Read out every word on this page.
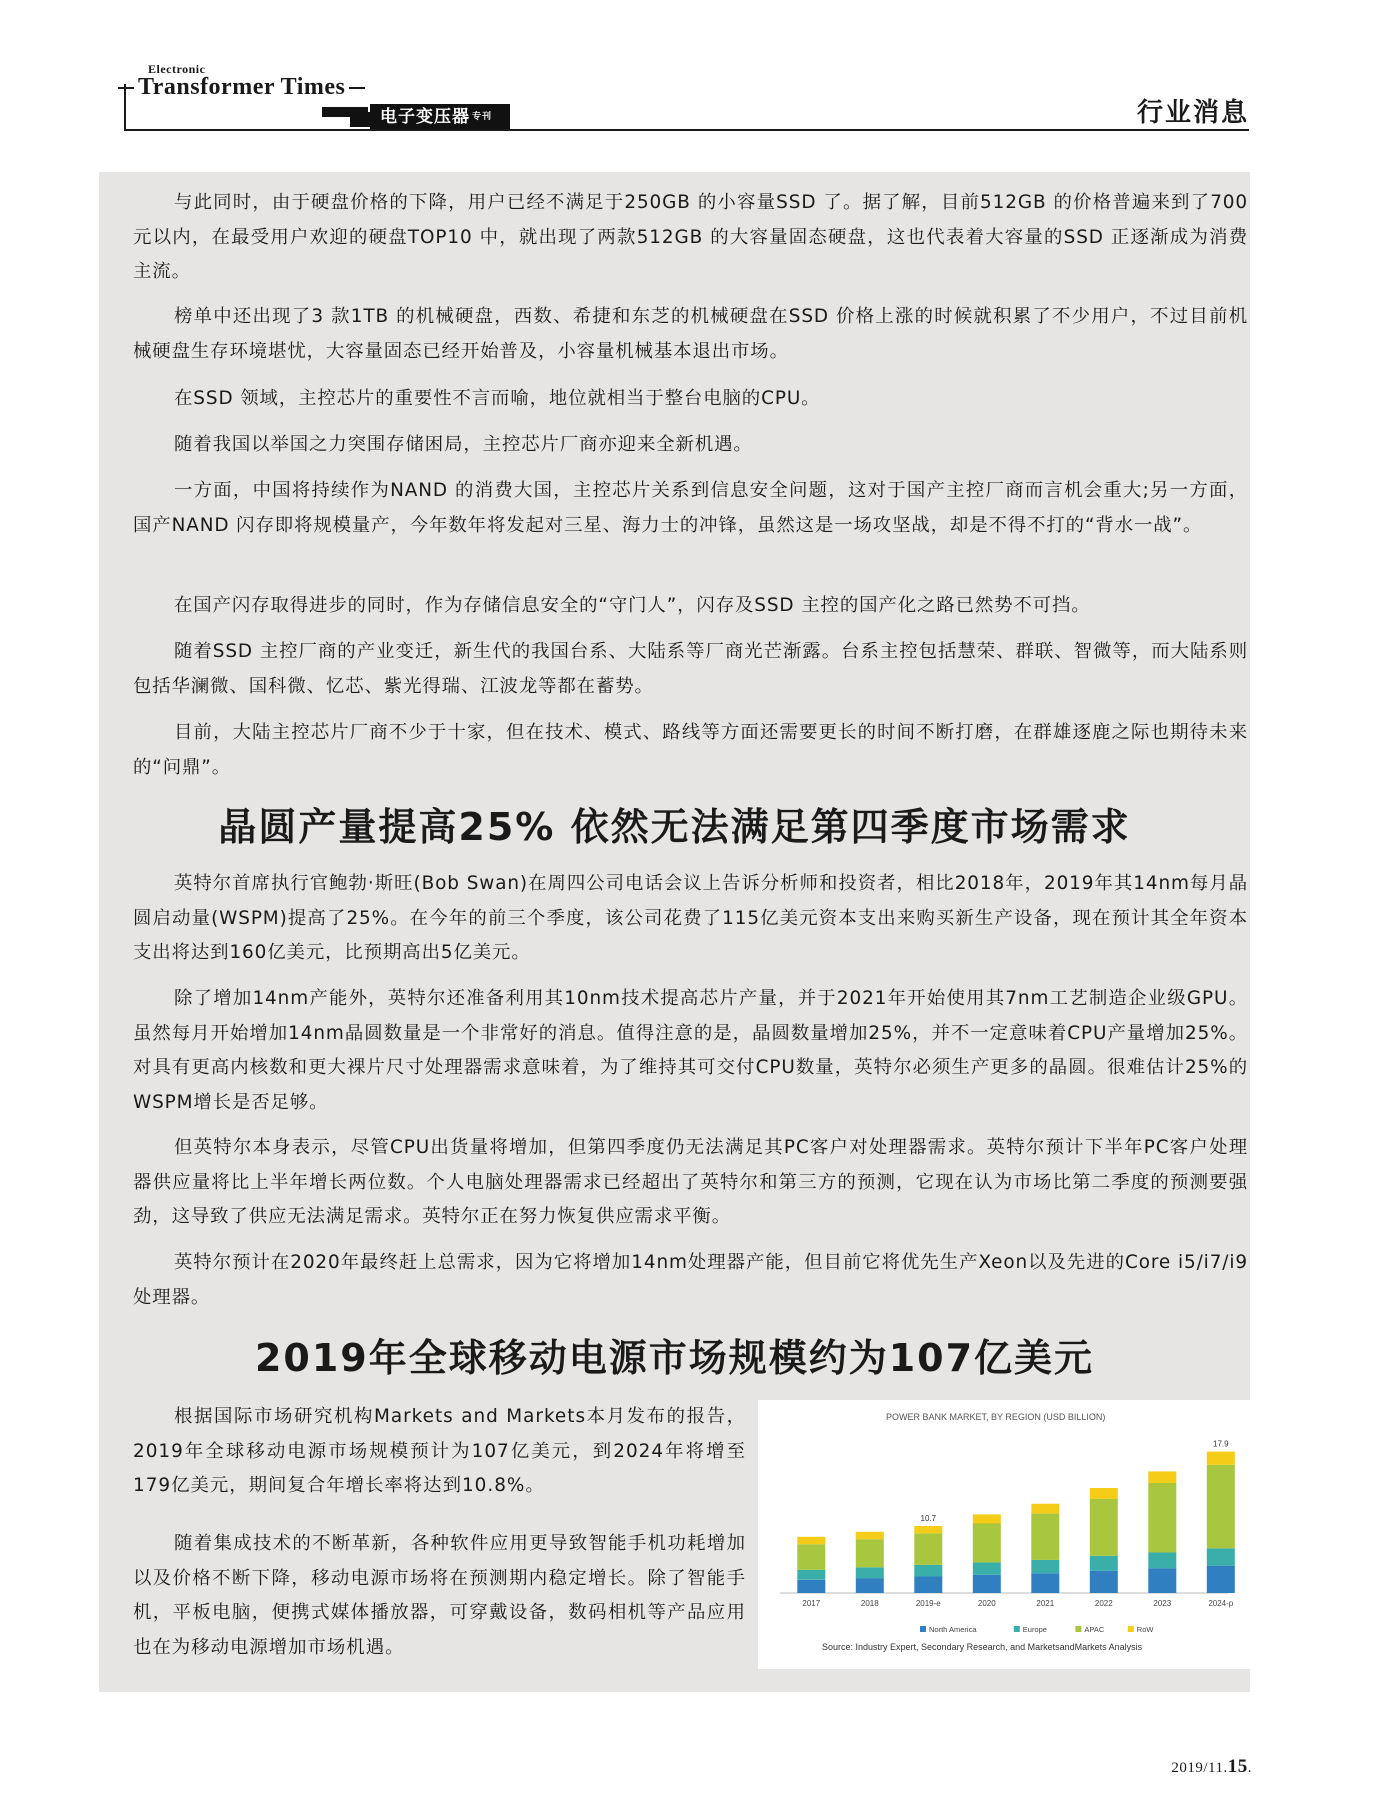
Electronic
Transformer Times
电子变压器 $^{专刊}$	行业消息

与此同时，由于硬盘价格的下降，用户已经不满足于250GB 的小容量SSD 了。据了解，目前512GB 的价格普遍来到了700 元以内，在最受用户欢迎的硬盘TOP10 中，就出现了两款512GB 的大容量固态硬盘，这也代表着大容量的SSD 正逐渐成为消费主流。

榜单中还出现了3 款1TB 的机械硬盘，西数、希捷和东芝的机械硬盘在SSD 价格上涨的时候就积累了不少用户，不过目前机械硬盘生存环境堪忧，大容量固态已经开始普及，小容量机械基本退出市场。

在SSD 领域，主控芯片的重要性不言而喻，地位就相当于整台电脑的CPU。

随着我国以举国之力突围存储困局，主控芯片厂商亦迎来全新机遇。

一方面，中国将持续作为NAND 的消费大国，主控芯片关系到信息安全问题，这对于国产主控厂商而言机会重大;另一方面，国产NAND 闪存即将规模量产，今年数年将发起对三星、海力士的冲锋，虽然这是一场攻坚战，却是不得不打的“背水一战”。

在国产闪存取得进步的同时，作为存储信息安全的“守门人”，闪存及SSD 主控的国产化之路已然势不可挡。

随着SSD 主控厂商的产业变迁，新生代的我国台系、大陆系等厂商光芒渐露。台系主控包括慧荣、群联、智微等，而大陆系则包括华澜微、国科微、忆芯、紫光得瑞、江波龙等都在蓄势。

目前，大陆主控芯片厂商不少于十家，但在技术、模式、路线等方面还需要更长的时间不断打磨，在群雄逐鹿之际也期待未来的“问鼎”。

晶圆产量提高25% 依然无法满足第四季度市场需求

英特尔首席执行官鲍勃·斯旺(Bob Swan)在周四公司电话会议上告诉分析师和投资者，相比2018年，2019年其14nm每月晶圆启动量(WSPM)提高了25%。在今年的前三个季度，该公司花费了115亿美元资本支出来购买新生产设备，现在预计其全年资本支出将达到160亿美元，比预期高出5亿美元。

除了增加14nm产能外，英特尔还准备利用其10nm技术提高芯片产量，并于2021年开始使用其7nm工艺制造企业级GPU。虽然每月开始增加14nm晶圆数量是一个非常好的消息。值得注意的是，晶圆数量增加25%，并不一定意味着CPU产量增加25%。对具有更高内核数和更大裸片尺寸处理器需求意味着，为了维持其可交付CPU数量，英特尔必须生产更多的晶圆。很难估计25%的WSPM增长是否足够。

但英特尔本身表示，尽管CPU出货量将增加，但第四季度仍无法满足其PC客户对处理器需求。英特尔预计下半年PC客户处理器供应量将比上半年增长两位数。个人电脑处理器需求已经超出了英特尔和第三方的预测，它现在认为市场比第二季度的预测要强劲，这导致了供应无法满足需求。英特尔正在努力恢复供应需求平衡。

英特尔预计在2020年最终赶上总需求，因为它将增加14nm处理器产能，但目前它将优先生产Xeon以及先进的Core i5/i7/i9处理器。

2019年全球移动电源市场规模约为107亿美元

根据国际市场研究机构Markets and Markets本月发布的报告，2019年全球移动电源市场规模预计为107亿美元，到2024年将增至179亿美元，期间复合年增长率将达到10.8%。

随着集成技术的不断革新，各种软件应用更导致智能手机功耗增加以及价格不断下降，移动电源市场将在预测期内稳定增长。除了智能手机，平板电脑，便携式媒体播放器，可穿戴设备，数码相机等产品应用也在为移动电源增加市场机遇。

POWER BANK MARKET, BY REGION (USD BILLION)
2017	2018	2019-e	2020	2021	2022	2023	2024-p
10.7
17.9
North America	Europe	APAC	RoW
Source: Industry Expert, Secondary Research, and MarketsandMarkets Analysis
2019/11.15.
